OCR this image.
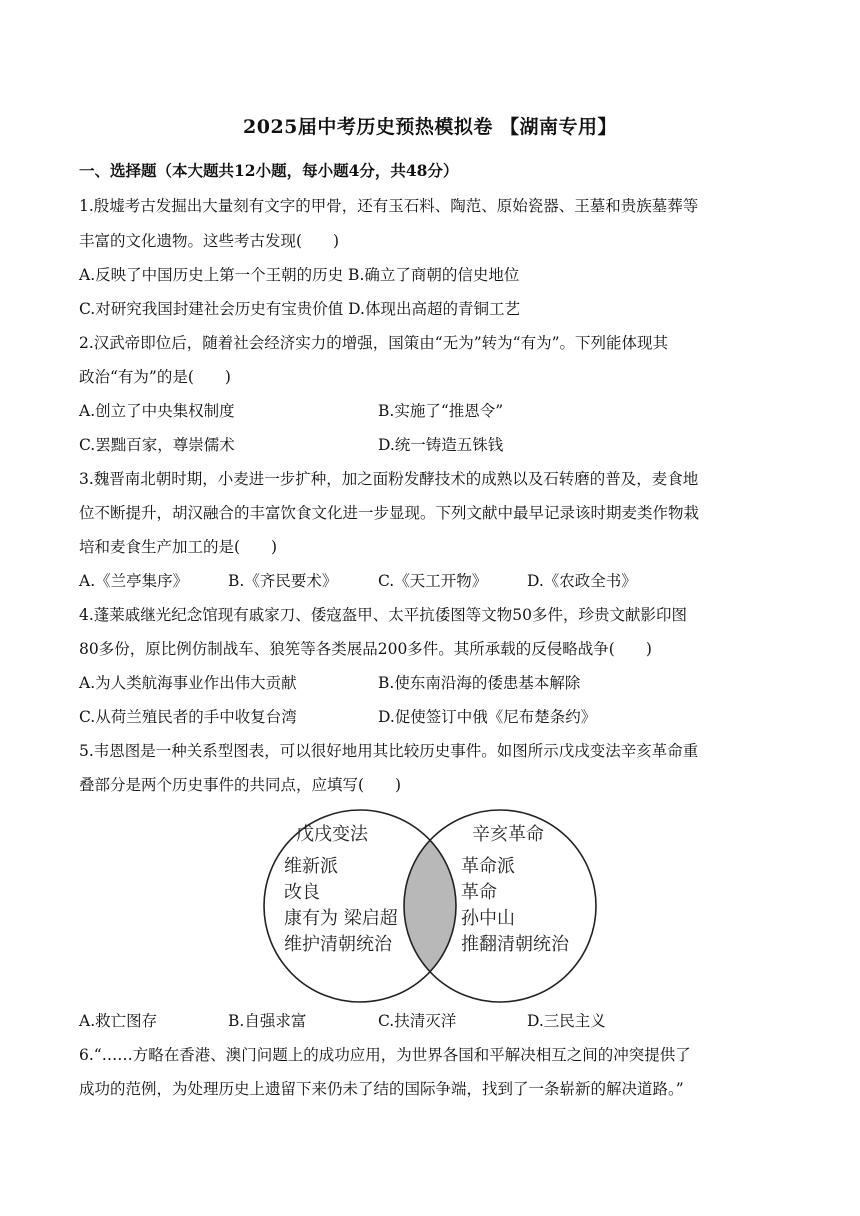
2025届中考历史预热模拟卷 【湖南专用】
一、选择题（本大题共12小题，每小题4分，共48分）
1.殷墟考古发掘出大量刻有文字的甲骨，还有玉石料、陶范、原始瓷器、王墓和贵族墓葬等
丰富的文化遗物。这些考古发现(　　)
A.反映了中国历史上第一个王朝的历史 B.确立了商朝的信史地位
C.对研究我国封建社会历史有宝贵价值 D.体现出高超的青铜工艺
2.汉武帝即位后，随着社会经济实力的增强，国策由“无为”转为“有为”。下列能体现其
政治“有为”的是(　　)
A.创立了中央集权制度	B.实施了“推恩令”
C.罢黜百家，尊崇儒术	D.统一铸造五铢钱
3.魏晋南北朝时期，小麦进一步扩种，加之面粉发酵技术的成熟以及石转磨的普及，麦食地
位不断提升，胡汉融合的丰富饮食文化进一步显现。下列文献中最早记录该时期麦类作物栽
培和麦食生产加工的是(　　)
A.《兰亭集序》	B.《齐民要术》	C.《天工开物》	D.《农政全书》
4.蓬莱戚继光纪念馆现有戚家刀、倭寇盔甲、太平抗倭图等文物50多件，珍贵文献影印图
80多份，原比例仿制战车、狼筅等各类展品200多件。其所承载的反侵略战争(　　)
A.为人类航海事业作出伟大贡献	B.使东南沿海的倭患基本解除
C.从荷兰殖民者的手中收复台湾	D.促使签订中俄《尼布楚条约》
5.韦恩图是一种关系型图表，可以很好地用其比较历史事件。如图所示戊戌变法辛亥革命重
叠部分是两个历史事件的共同点，应填写(　　)
戊戌变法
维新派
改良
康有为 梁启超
维护清朝统治
辛亥革命
革命派
革命
孙中山
推翻清朝统治
A.救亡图存	B.自强求富	C.扶清灭洋	D.三民主义
6.“……方略在香港、澳门问题上的成功应用，为世界各国和平解决相互之间的冲突提供了
成功的范例，为处理历史上遗留下来仍未了结的国际争端，找到了一条崭新的解决道路。”
